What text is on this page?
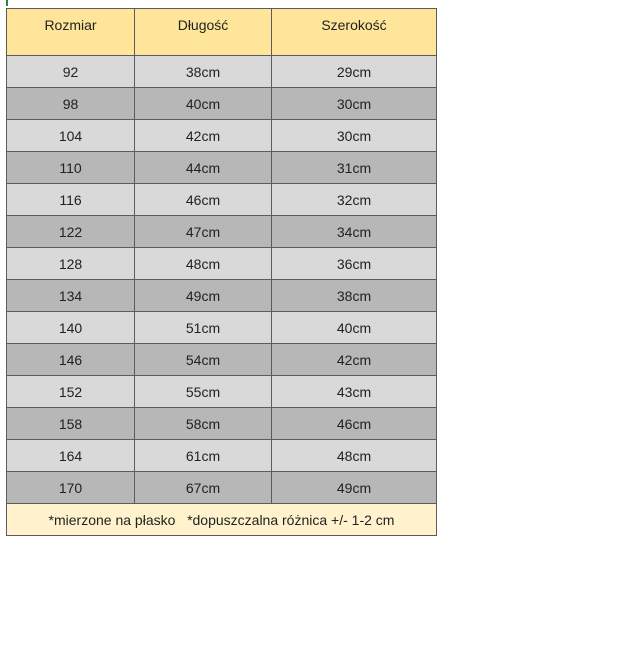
Rozmiar	Długość	Szerokość
92	38cm	29cm
98	40cm	30cm
104	42cm	30cm
110	44cm	31cm
116	46cm	32cm
122	47cm	34cm
128	48cm	36cm
134	49cm	38cm
140	51cm	40cm
146	54cm	42cm
152	55cm	43cm
158	58cm	46cm
164	61cm	48cm
170	67cm	49cm
*mierzone na płasko   *dopuszczalna różnica +/- 1-2 cm		
